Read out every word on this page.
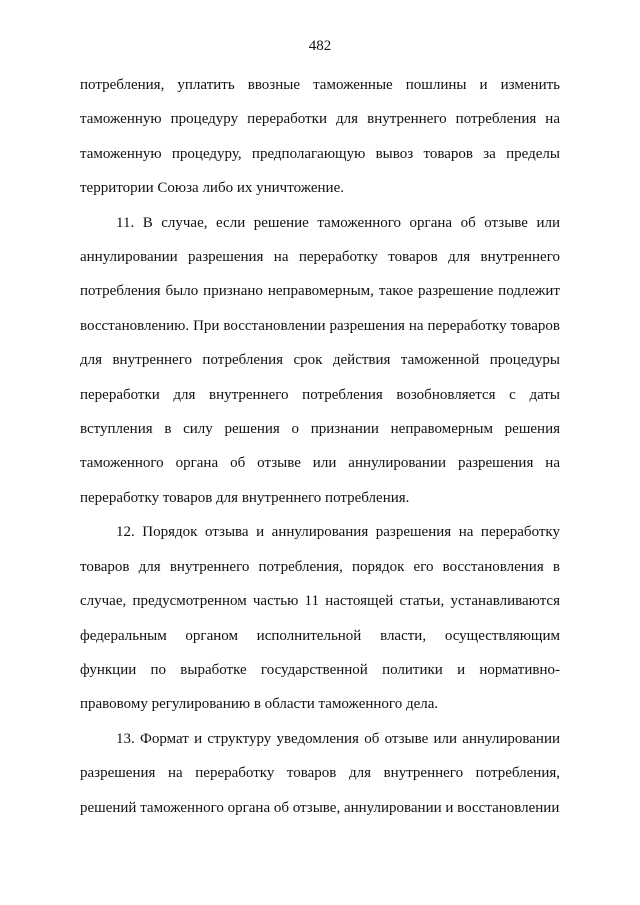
482

потребления, уплатить ввозные таможенные пошлины и изменить таможенную процедуру переработки для внутреннего потребления на таможенную процедуру, предполагающую вывоз товаров за пределы территории Союза либо их уничтожение.

11. В случае, если решение таможенного органа об отзыве или аннулировании разрешения на переработку товаров для внутреннего потребления было признано неправомерным, такое разрешение подлежит восстановлению. При восстановлении разрешения на переработку товаров для внутреннего потребления срок действия таможенной процедуры переработки для внутреннего потребления возобновляется с даты вступления в силу решения о признании неправомерным решения таможенного органа об отзыве или аннулировании разрешения на переработку товаров для внутреннего потребления.

12. Порядок отзыва и аннулирования разрешения на переработку товаров для внутреннего потребления, порядок его восстановления в случае, предусмотренном частью 11 настоящей статьи, устанавливаются федеральным органом исполнительной власти, осуществляющим функции по выработке государственной политики и нормативно-правовому регулированию в области таможенного дела.

13. Формат и структуру уведомления об отзыве или аннулировании разрешения на переработку товаров для внутреннего потребления, решений таможенного органа об отзыве, аннулировании и восстановлении
